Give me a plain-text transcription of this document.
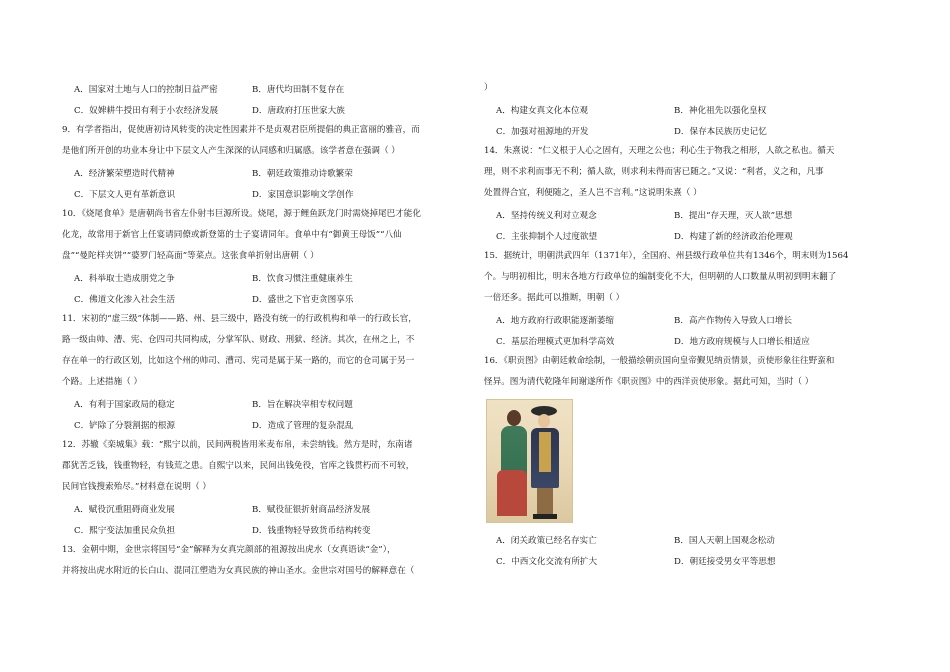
A．国家对土地与人口的控制日益严密	B．唐代均田制不复存在
C．奴婢耕牛授田有利于小农经济发展	D．唐政府打压世家大族

9．有学者指出，促使唐初诗风转变的决定性因素并不是贞观君臣所提倡的典正富丽的雅音，而

是他们所开创的功业本身让中下层文人产生深深的认同感和归属感。该学者意在强调（ ）

A．经济繁荣塑造时代精神	B．朝廷政策推动诗歌繁荣
C．下层文人更有革新意识	D．家国意识影响文学创作

10．《烧尾食单》是唐朝尚书省左仆射韦巨源所设。烧尾，源于鲤鱼跃龙门时需烧掉尾巴才能化

化龙，故常用于新官上任宴请同僚或新登第的士子宴请同年。食单中有“御黄王母饭”“八仙

盘”“曼陀样夹饼”“婆罗门轻高面”等菜点。这张食单折射出唐朝（ ）

A．科举取士造成朋党之争	B．饮食习惯注重健康养生
C．佛道文化渗入社会生活	D．盛世之下官吏贪图享乐

11．宋初的“虚三级”体制——路、州、县三级中，路没有统一的行政机构和单一的行政长官，

路一级由帅、漕、宪、仓四司共同构成，分掌军队、财政、刑狱、经济。其次，在州之上，不

存在单一的行政区划，比如这个州的帅司、漕司、宪司是属于某一路的，而它的仓司属于另一

个路。上述措施（ ）

A．有利于国家政局的稳定	B．旨在解决宰相专权问题
C．铲除了分裂割据的根源	D．造成了管理的复杂混乱

12．苏辙《栾城集》载：“熙宁以前，民间两税皆用米麦布帛，未尝纳钱。然方是时，东南诸

郡犹苦乏钱，钱重物轻，有钱荒之患。自熙宁以来，民间出钱免役，官库之钱贯朽而不可较，

民间官钱搜索殆尽。”材料意在说明（ ）

A．赋役沉重阻碍商业发展	B．赋役征银折射商品经济发展
C．熙宁变法加重民众负担	D．钱重物轻导致货币结构转变

13．金朝中期，金世宗将国号“金”解释为女真完颜部的祖源按出虎水（女真语读“金”），

并将按出虎水附近的长白山、混同江塑造为女真民族的神山圣水。金世宗对国号的解释意在（

）

A．构建女真文化本位观	B．神化祖先以强化皇权
C．加强对祖源地的开发	D．保存本民族历史记忆

14．朱熹说：“仁义根于人心之固有，天理之公也；利心生于物我之相形，人欲之私也。循天

理，则不求利而事无不利；循人欲，则求利未得而害已随之。”又说：“利者，义之和，凡事

处置得合宜，利便随之，圣人岂不言利。”这说明朱熹（ ）

A．坚持传统义利对立观念	B．提出“存天理，灭人欲”思想
C．主张抑制个人过度欲望	D．构建了新的经济政治伦理观

15．据统计，明朝洪武四年（1371年），全国府、州县级行政单位共有1346个，明末则为1564

个。与明初相比，明末各地方行政单位的编制变化不大，但明朝的人口数量从明初到明末翻了

一倍还多。据此可以推断，明朝（ ）

A．地方政府行政职能逐渐萎缩	B．高产作物传入导致人口增长
C．基层治理模式更加科学高效	D．地方政府规模与人口增长相适应

16．《职贡图》由朝廷敕命绘制，一般描绘朝贡国向皇帝觐见纳贡情景，贡使形象往往野蛮和

怪异。图为清代乾隆年间谢遂所作《职贡图》中的西洋贡使形象。据此可知，当时（ ）

A．闭关政策已经名存实亡	B．国人天朝上国观念松动
C．中西文化交流有所扩大	D．朝廷接受男女平等思想
